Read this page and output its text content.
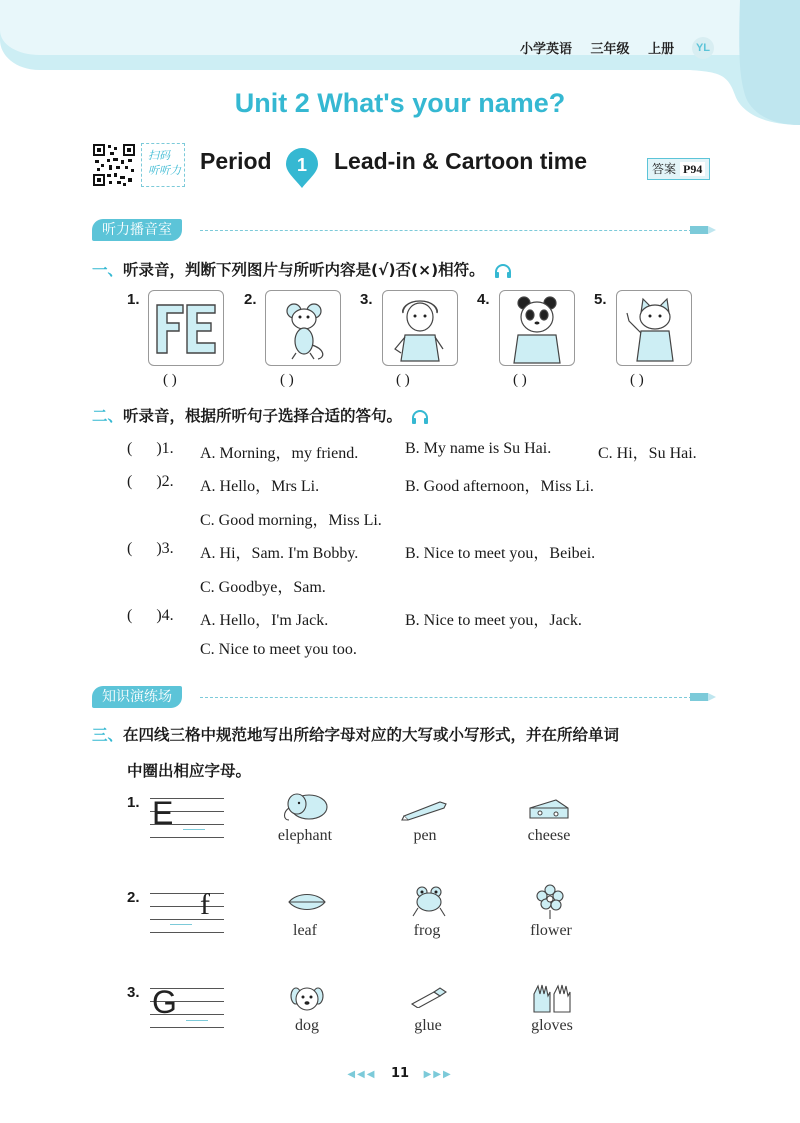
小学英语 三年级 上册	YL
Unit 2 What's your name?
扫码
听听力 Period 1 Lead-in & Cartoon time	答案 P94
听力播音室
一、听录音，判断下列图片与所听内容是(√)否(×)相符。
1.
( )
2.
( )
3.
( )
4.
( )
5.
( )
二、听录音，根据所听句子选择合适的答句。
(      )1. A. Morning，my friend.	B. My name is Su Hai.	C. Hi，Su Hai.
(      )2. A. Hello，Mrs Li.	B. Good afternoon，Miss Li.
C. Good morning，Miss Li.
(      )3. A. Hi，Sam. I'm Bobby.	B. Nice to meet you，Beibei.
C. Goodbye，Sam.
(      )4. A. Hello，I'm Jack.	B. Nice to meet you，Jack.
C. Nice to meet you too.
知识演练场
三、在四线三格中规范地写出所给字母对应的大写或小写形式，并在所给单词
中圈出相应字母。
1. E
elephant	pen	cheese
2. f
leaf	frog	flower
3. G
dog	glue	gloves
◀◀◀ 11 ▶▶▶
